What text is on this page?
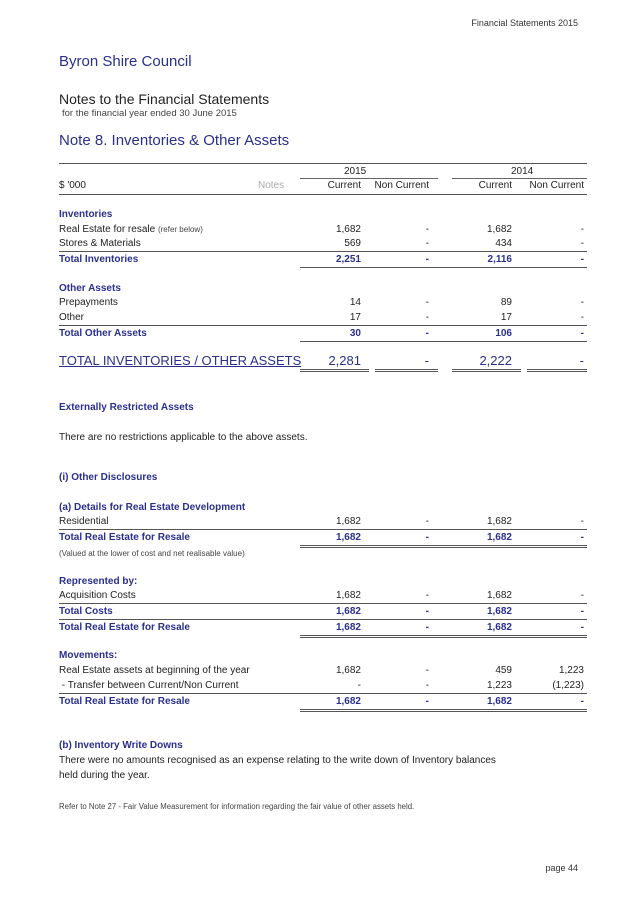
Financial Statements 2015
Byron Shire Council
Notes to the Financial Statements
for the financial year ended 30 June 2015
Note 8. Inventories & Other Assets
2015	2014
$ '000	Notes	Current Non Current	Current Non Current
Inventories
Real Estate for resale (refer below)	1,682	-	1,682	-
Stores & Materials	569	-	434	-
Total Inventories	2,251	-	2,116	-
Other Assets
Prepayments	14	-	89	-
Other	17	-	17	-
Total Other Assets	30	-	106	-
TOTAL INVENTORIES / OTHER ASSETS 2,281	-	2,222	-
Externally Restricted Assets
There are no restrictions applicable to the above assets.
(i) Other Disclosures
(a) Details for Real Estate Development
Residential	1,682	-	1,682	-
Total Real Estate for Resale	1,682	-	1,682	-
(Valued at the lower of cost and net realisable value)
Represented by:
Acquisition Costs	1,682	-	1,682	-
Total Costs	1,682	-	1,682	-
Total Real Estate for Resale	1,682	-	1,682	-
Movements:
Real Estate assets at beginning of the year	1,682	-	459	1,223
- Transfer between Current/Non Current	-	-	1,223	(1,223)
Total Real Estate for Resale	1,682	-	1,682	-
(b) Inventory Write Downs
There were no amounts recognised as an expense relating to the write down of Inventory balances
held during the year.
Refer to Note 27 - Fair Value Measurement for information regarding the fair value of other assets held.
page 44
